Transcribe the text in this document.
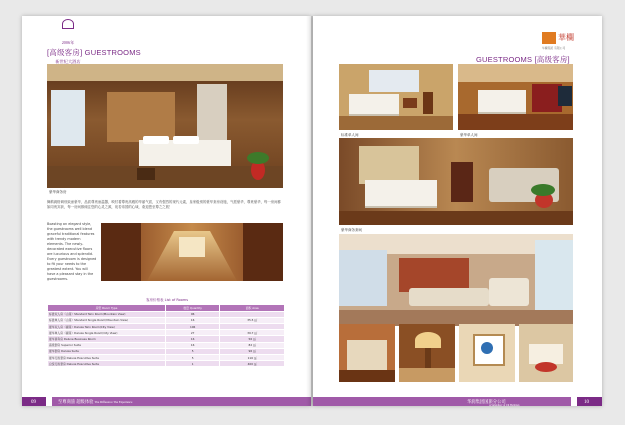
2006年 新世纪大酒店
[高级客房] GUESTROOMS
豪华商务房
舞鹤阁格调别致而豪华，品质尊贵而温馨，映衬着尊贵高雅的华丽气质，又有强烈的现代元素，皇家级别的豪华套房设施，气派豪华，尊贵豪华，每一房间都如同贵宾套，每一房间都倾注您的心灵之源，宛若帝国的心域，欢迎您至尊之之旅！
Boasting an elegant style, the guestrooms well blend graceful traditional features with trendy modern elements. The newly-decorated executive floors are luxurious and splendid. Every guestroom is designed to fit your needs to the greatest extent. You will have a pleasant stay in the guestrooms.
客房价格表 List of Rooms
房型 Room Type	数量 Quantity	面积 Area
标准双人房（山景）Standard Twin Room(Mountain View)	96	
标准单人房（山景）Standard Single Room(Mountain View)	16	35.5 ㎡
豪华双人房（湖景）Deluxe Twin Room(City View)	106	
豪华单人房（湖景）Deluxe Single Room(City View)	27	39.7 ㎡
豪华商务房 Deluxe Business Room	16	56 ㎡
高级套房 Superior Suite	16	82 ㎡
豪华套房 Deluxe Suite	5	96 ㎡
豪华行政套房 Deluxe Executive Suite	5	116 ㎡
总统行政套房 Deluxe Executive Suite	1	400 ㎡
09	至尊商旅 超级体验 The Difference The Experience
華欄
华欄集团 有限公司
GUESTROOMS [高级客房]
标准单人间	豪华单人间
豪华商务套间
华润集团国旅分公司
A Subsidiary of CR Holdings
10
